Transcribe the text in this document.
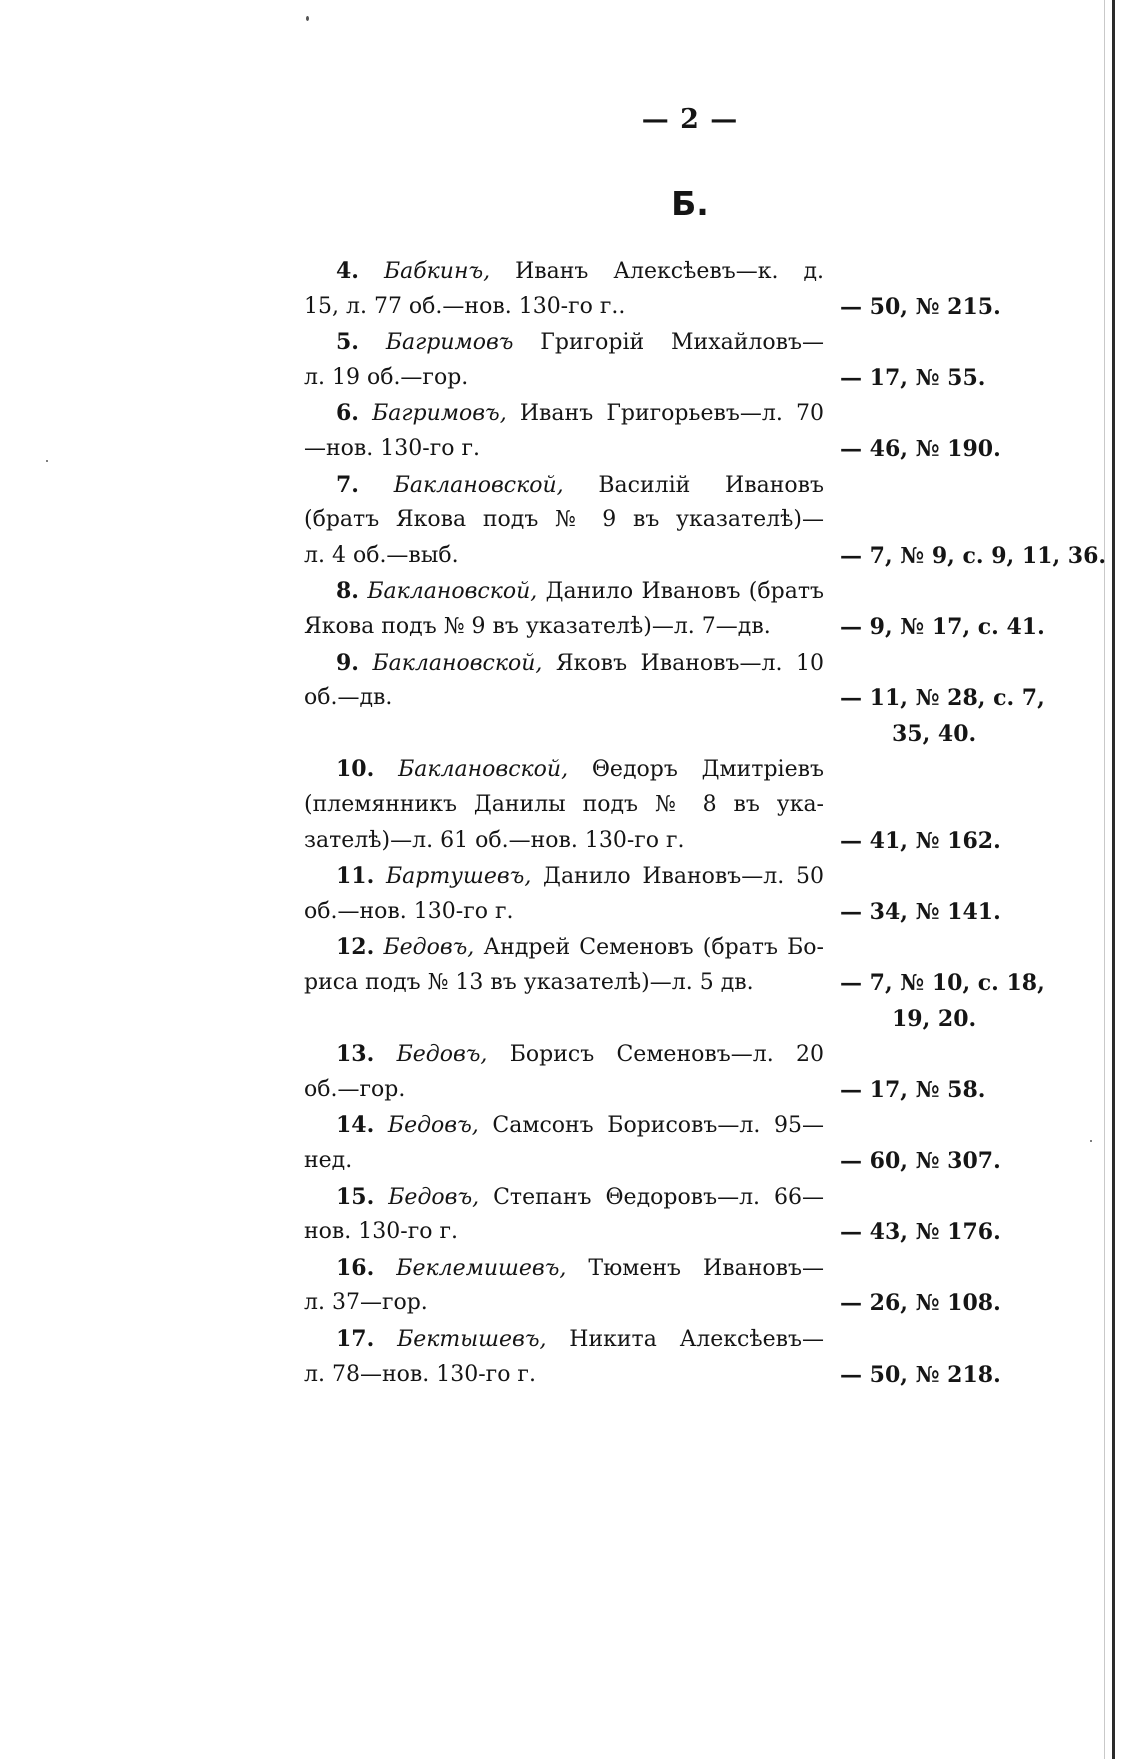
— 2 —
Б.
4. Бабкинъ, Иванъ Алексѣевъ—к. д.
15, л. 77 об.—нов. 130-го г..	— 50, № 215.
5. Багримовъ Григорій Михайловъ—
л. 19 об.—гор.	— 17, № 55.
6. Багримовъ, Иванъ Григорьевъ—л. 70
—нов. 130-го г.	— 46, № 190.
7. Баклановской, Василій Ивановъ
(братъ Якова подъ № 9 въ указателѣ)—
л. 4 об.—выб.	— 7, № 9, с. 9, 11, 36.
8. Баклановской, Данило Ивановъ (братъ
Якова подъ № 9 въ указателѣ)—л. 7—дв.	— 9, № 17, с. 41.
9. Баклановской, Яковъ Ивановъ—л. 10
об.—дв.	— 11, № 28, с. 7,
35, 40.
10. Баклановской, Θедоръ Дмитріевъ
(племянникъ Данилы подъ № 8 въ ука-
зателѣ)—л. 61 об.—нов. 130-го г.	— 41, № 162.
11. Бартушевъ, Данило Ивановъ—л. 50
об.—нов. 130-го г.	— 34, № 141.
12. Бедовъ, Андрей Семеновъ (братъ Бо-
риса подъ № 13 въ указателѣ)—л. 5 дв.	— 7, № 10, с. 18,
19, 20.
13. Бедовъ, Борисъ Семеновъ—л. 20
об.—гор.	— 17, № 58.
14. Бедовъ, Самсонъ Борисовъ—л. 95—
нед.	— 60, № 307.
15. Бедовъ, Степанъ Θедоровъ—л. 66—
нов. 130-го г.	— 43, № 176.
16. Беклемишевъ, Тюменъ Ивановъ—
л. 37—гор.	— 26, № 108.
17. Бектышевъ, Никита Алексѣевъ—
л. 78—нов. 130-го г.	— 50, № 218.
